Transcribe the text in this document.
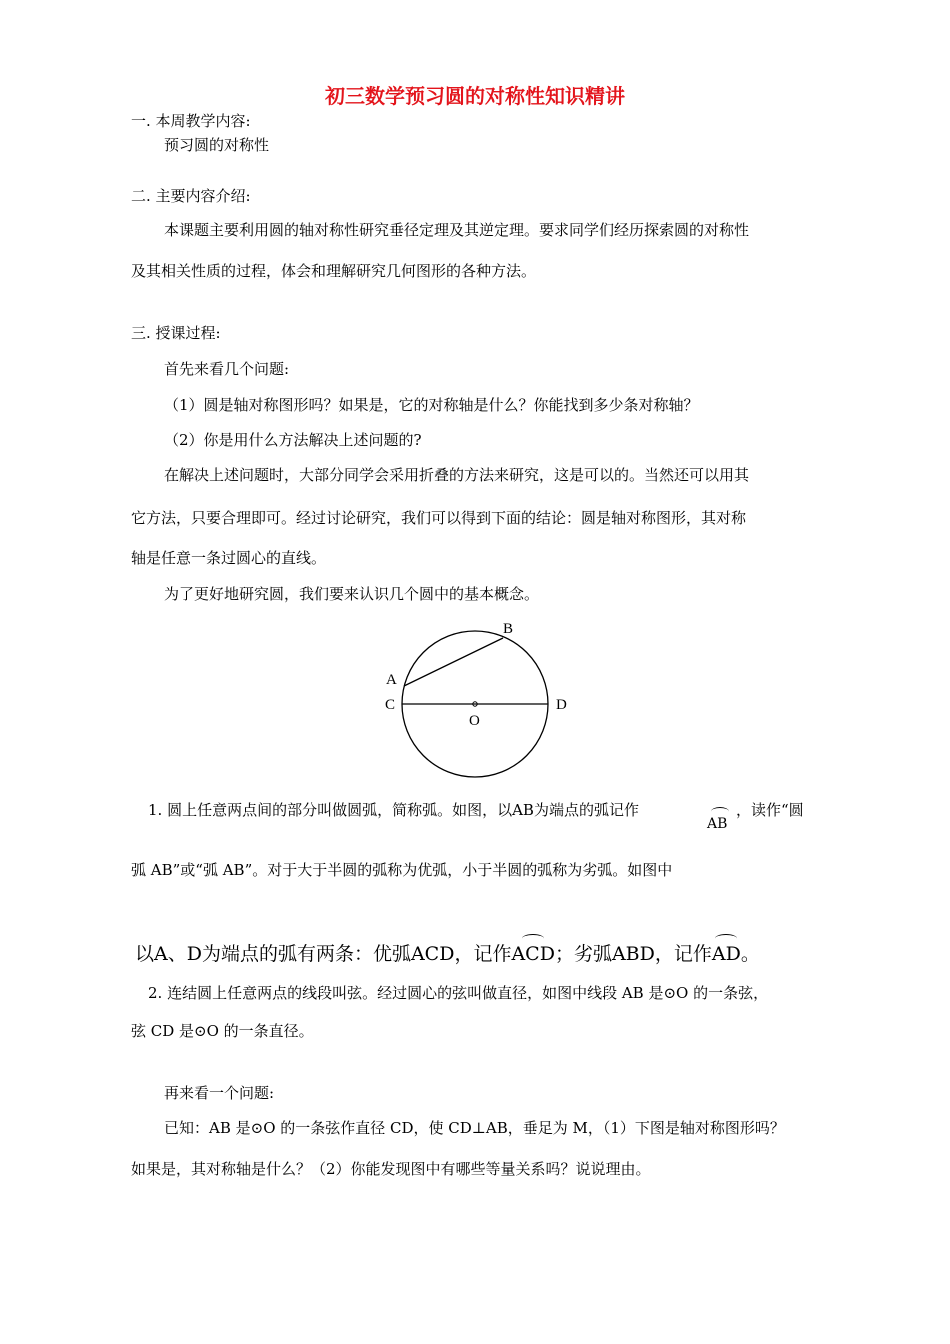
初三数学预习圆的对称性知识精讲
一. 本周教学内容:
预习圆的对称性
二. 主要内容介绍:
本课题主要利用圆的轴对称性研究垂径定理及其逆定理。要求同学们经历探索圆的对称性
及其相关性质的过程，体会和理解研究几何图形的各种方法。
三. 授课过程:
首先来看几个问题:
（1）圆是轴对称图形吗？如果是，它的对称轴是什么？你能找到多少条对称轴？
（2）你是用什么方法解决上述问题的?
在解决上述问题时，大部分同学会采用折叠的方法来研究，这是可以的。当然还可以用其
它方法，只要合理即可。经过讨论研究，我们可以得到下面的结论：圆是轴对称图形，其对称
轴是任意一条过圆心的直线。
为了更好地研究圆，我们要来认识几个圆中的基本概念。
A
B
C	D
O
1. 圆上任意两点间的部分叫做圆弧，简称弧。如图，以AB为端点的弧记作
AB
，读作“圆
弧 AB”或“弧 AB”。对于大于半圆的弧称为优弧，小于半圆的弧称为劣弧。如图中
以A、D为端点的弧有两条：优弧ACD，记作
ACD；劣弧ABD，记作
AD。
2. 连结圆上任意两点的线段叫弦。经过圆心的弦叫做直径，如图中线段 AB 是⊙O 的一条弦，
弦 CD 是⊙O 的一条直径。
再来看一个问题:
已知：AB 是⊙O 的一条弦作直径 CD，使 CD⊥AB，垂足为 M，（1）下图是轴对称图形吗？
如果是，其对称轴是什么？（2）你能发现图中有哪些等量关系吗？说说理由。
